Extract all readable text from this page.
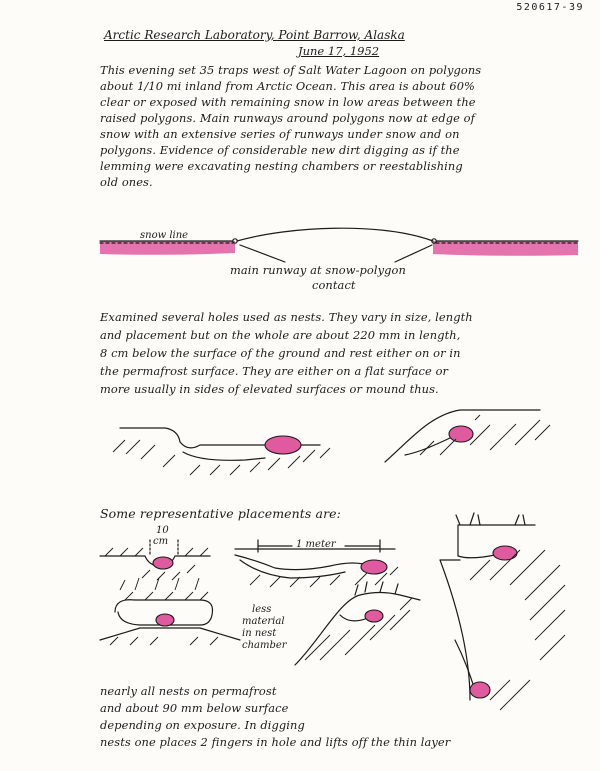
520617-39
Arctic Research Laboratory, Point Barrow, Alaska
June 17, 1952
This evening set 35 traps west of Salt Water Lagoon on polygons
about 1/10 mi inland from Arctic Ocean. This area is about 60%
clear or exposed with remaining snow in low areas between the
raised polygons. Main runways around polygons now at edge of
snow with an extensive series of runways under snow and on
polygons. Evidence of considerable new dirt digging as if the
lemming were excavating nesting chambers or reestablishing
old ones.
snow line
main runway at snow-polygon
contact
Examined several holes used as nests. They vary in size, length
and placement but on the whole are about 220 mm in length,
8 cm below the surface of the ground and rest either on or in
the permafrost surface. They are either on a flat surface or
more usually in sides of elevated surfaces or mound thus.
Some representative placements are:
10
cm	1 meter
less
material
in nest
chamber
nearly all nests on permafrost
and about 90 mm below surface
depending on exposure. In digging
nests one places 2 fingers in hole and lifts off the thin layer
